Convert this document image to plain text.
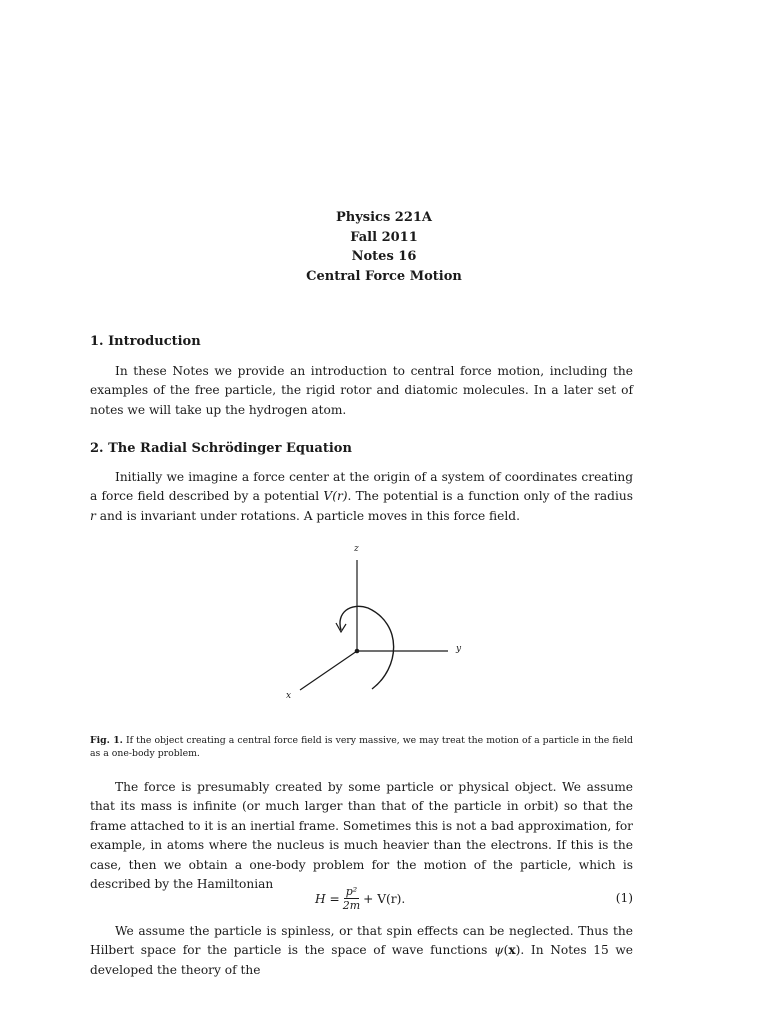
Physics 221A
Fall 2011
Notes 16
Central Force Motion
1. Introduction

In these Notes we provide an introduction to central force motion, including the examples of the free particle, the rigid rotor and diatomic molecules. In a later set of notes we will take up the hydrogen atom.

2. The Radial Schrödinger Equation

Initially we imagine a force center at the origin of a system of coordinates creating a force field described by a potential V(r). The potential is a function only of the radius r and is invariant under rotations. A particle moves in this force field.

z
y
x
Fig. 1. If the object creating a central force field is very massive, we may treat the motion of a particle in the field as a one-body problem.

The force is presumably created by some particle or physical object. We assume that its mass is infinite (or much larger than that of the particle in orbit) so that the frame attached to it is an inertial frame. Sometimes this is not a bad approximation, for example, in atoms where the nucleus is much heavier than the electrons. If this is the case, then we obtain a one-body problem for the motion of the particle, which is described by the Hamiltonian

$H = \frac{\text{p²}}{2m} + V(r)$.	(1)

We assume the particle is spinless, or that spin effects can be neglected. Thus the Hilbert space for the particle is the space of wave functions ψ(x). In Notes 15 we developed the theory of the
